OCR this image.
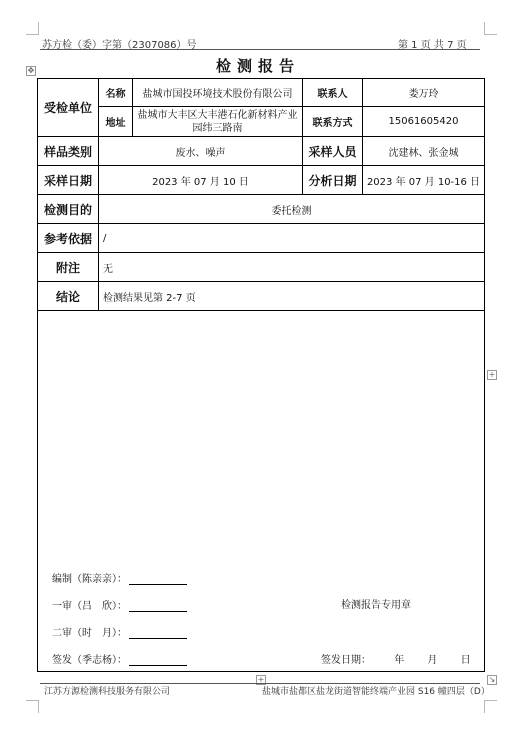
苏方检（委）字第（2307086）号	第 1 页 共 7 页
✥	检测报告
受检单位	名称	盐城市国投环境技术股份有限公司	联系人	娄万玲
	地址	盐城市大丰区大丰港石化新材料产业园纬三路南	联系方式	15061605420
样品类别	废水、噪声		采样人员	沈建林、张金城
采样日期	2023 年 07 月 10 日		分析日期	2023 年 07 月 10-16 日
检测目的	委托检测			
参考依据	/			
附注	无			
结论	检测结果见第 2-7 页			

编制（陈亲亲）：
一审（吕　欣）：
二审（时　月）：
签发（季志杨）：
检测报告专用章
签发日期： 年 月 日
+
+	↘
江苏方源检测科技服务有限公司	盐城市盐都区盐龙街道智能终端产业园 S16 幢四层（D）
